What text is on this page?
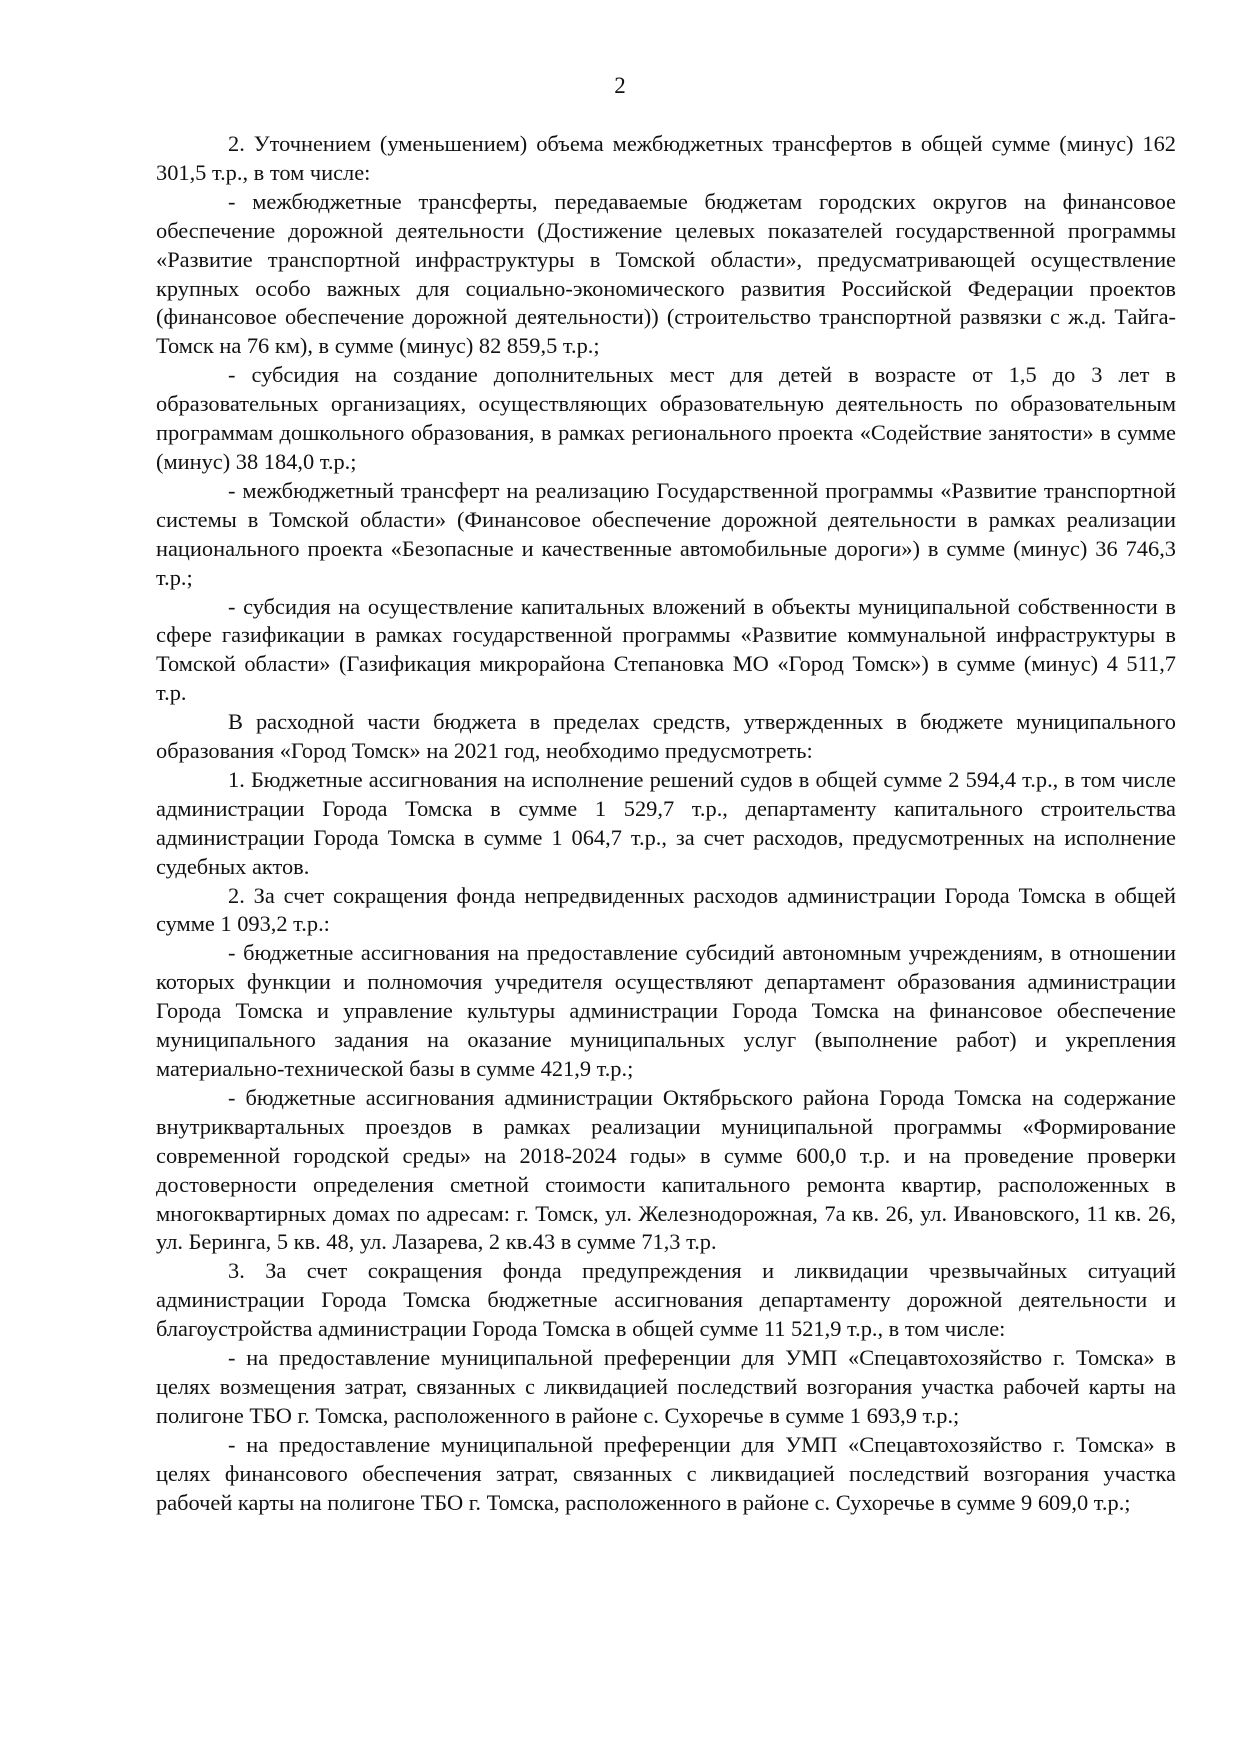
2

2. Уточнением (уменьшением) объема межбюджетных трансфертов в общей сумме (минус) 162 301,5 т.р., в том числе:

- межбюджетные трансферты, передаваемые бюджетам городских округов на финансовое обеспечение дорожной деятельности (Достижение целевых показателей государственной программы «Развитие транспортной инфраструктуры в Томской области», предусматривающей осуществление крупных особо важных для социально-экономического развития Российской Федерации проектов (финансовое обеспечение дорожной деятельности)) (строительство транспортной развязки с ж.д. Тайга-Томск на 76 км), в сумме (минус) 82 859,5 т.р.;

- субсидия на создание дополнительных мест для детей в возрасте от 1,5 до 3 лет в образовательных организациях, осуществляющих образовательную деятельность по образовательным программам дошкольного образования, в рамках регионального проекта «Содействие занятости» в сумме (минус) 38 184,0 т.р.;

- межбюджетный трансферт на реализацию Государственной программы «Развитие транспортной системы в Томской области» (Финансовое обеспечение дорожной деятельности в рамках реализации национального проекта «Безопасные и качественные автомобильные дороги») в сумме (минус) 36 746,3 т.р.;

- субсидия на осуществление капитальных вложений в объекты муниципальной собственности в сфере газификации в рамках государственной программы «Развитие коммунальной инфраструктуры в Томской области» (Газификация микрорайона Степановка МО «Город Томск») в сумме (минус) 4 511,7 т.р.

В расходной части бюджета в пределах средств, утвержденных в бюджете муниципального образования «Город Томск» на 2021 год, необходимо предусмотреть:

1. Бюджетные ассигнования на исполнение решений судов в общей сумме 2 594,4 т.р., в том числе администрации Города Томска в сумме 1 529,7 т.р., департаменту капитального строительства администрации Города Томска в сумме 1 064,7 т.р., за счет расходов, предусмотренных на исполнение судебных актов.

2. За счет сокращения фонда непредвиденных расходов администрации Города Томска в общей сумме 1 093,2 т.р.:

- бюджетные ассигнования на предоставление субсидий автономным учреждениям, в отношении которых функции и полномочия учредителя осуществляют департамент образования администрации Города Томска и управление культуры администрации Города Томска на финансовое обеспечение муниципального задания на оказание муниципальных услуг (выполнение работ) и укрепления материально-технической базы в сумме 421,9 т.р.;

- бюджетные ассигнования администрации Октябрьского района Города Томска на содержание внутриквартальных проездов в рамках реализации муниципальной программы «Формирование современной городской среды» на 2018-2024 годы» в сумме 600,0 т.р. и на проведение проверки достоверности определения сметной стоимости капитального ремонта квартир, расположенных в многоквартирных домах по адресам: г. Томск, ул. Железнодорожная, 7а кв. 26, ул. Ивановского, 11 кв. 26, ул. Беринга, 5 кв. 48, ул. Лазарева, 2 кв.43 в сумме 71,3 т.р.

3. За счет сокращения фонда предупреждения и ликвидации чрезвычайных ситуаций администрации Города Томска бюджетные ассигнования департаменту дорожной деятельности и благоустройства администрации Города Томска в общей сумме 11 521,9 т.р., в том числе:

- на предоставление муниципальной преференции для УМП «Спецавтохозяйство г. Томска» в целях возмещения затрат, связанных с ликвидацией последствий возгорания участка рабочей карты на полигоне ТБО г. Томска, расположенного в районе с. Сухоречье в сумме 1 693,9 т.р.;

- на предоставление муниципальной преференции для УМП «Спецавтохозяйство г. Томска» в целях финансового обеспечения затрат, связанных с ликвидацией последствий возгорания участка рабочей карты на полигоне ТБО г. Томска, расположенного в районе с. Сухоречье в сумме 9 609,0 т.р.;
